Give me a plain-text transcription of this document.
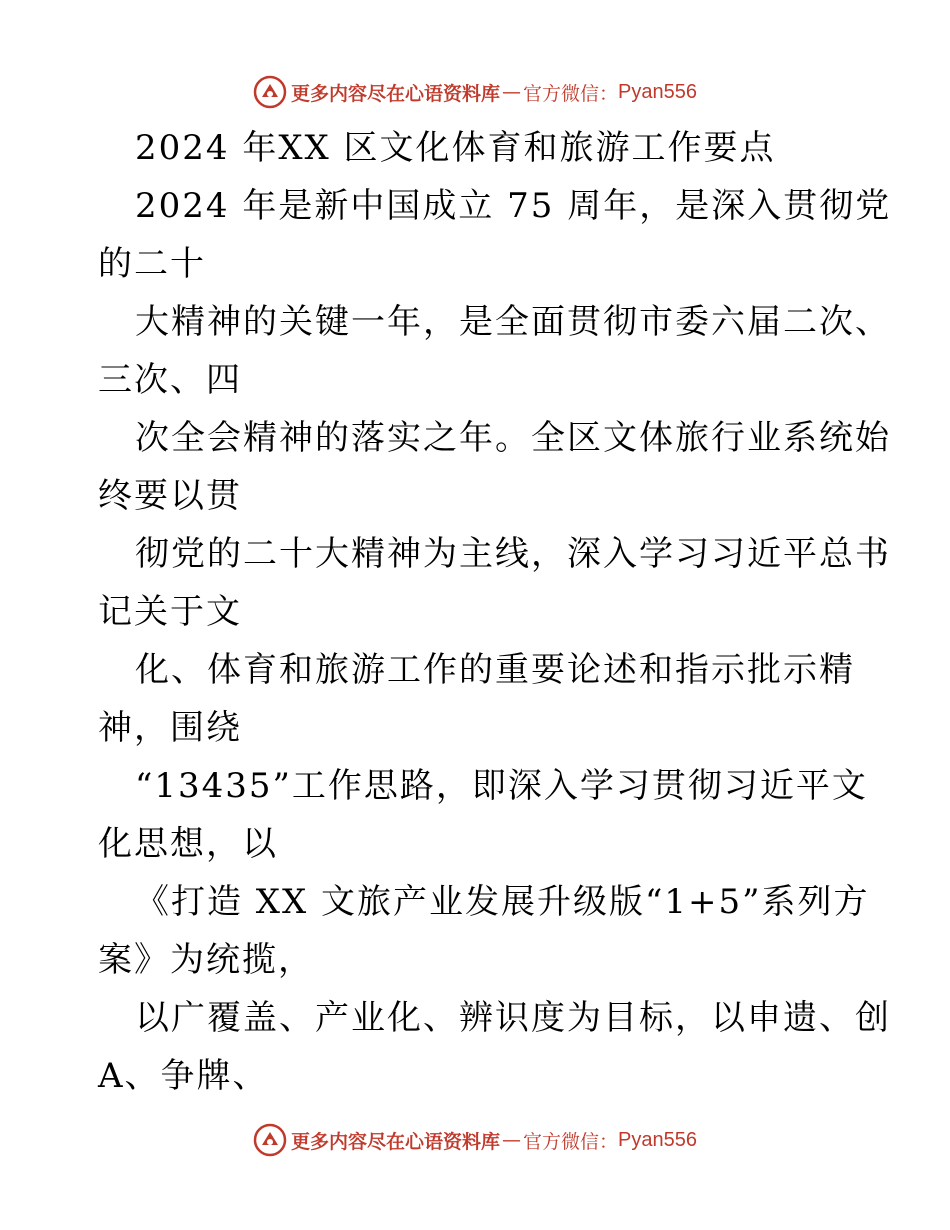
更多内容尽在心语资料库 — 官方微信： Pyan556
2024 年XX 区文化体育和旅游工作要点
2024 年是新中国成立 75 周年，是深入贯彻党
的二十
大精神的关键一年，是全面贯彻市委六届二次、
三次、四
次全会精神的落实之年。全区文体旅行业系统始
终要以贯
彻党的二十大精神为主线，深入学习习近平总书
记关于文
化、体育和旅游工作的重要论述和指示批示精
神，围绕
“13435”工作思路，即深入学习贯彻习近平文
化思想，以
《打造 XX 文旅产业发展升级版“1+5”系列方
案》为统揽，
以广覆盖、产业化、辨识度为目标，以申遗、创
A、争牌、
更多内容尽在心语资料库 — 官方微信： Pyan556
